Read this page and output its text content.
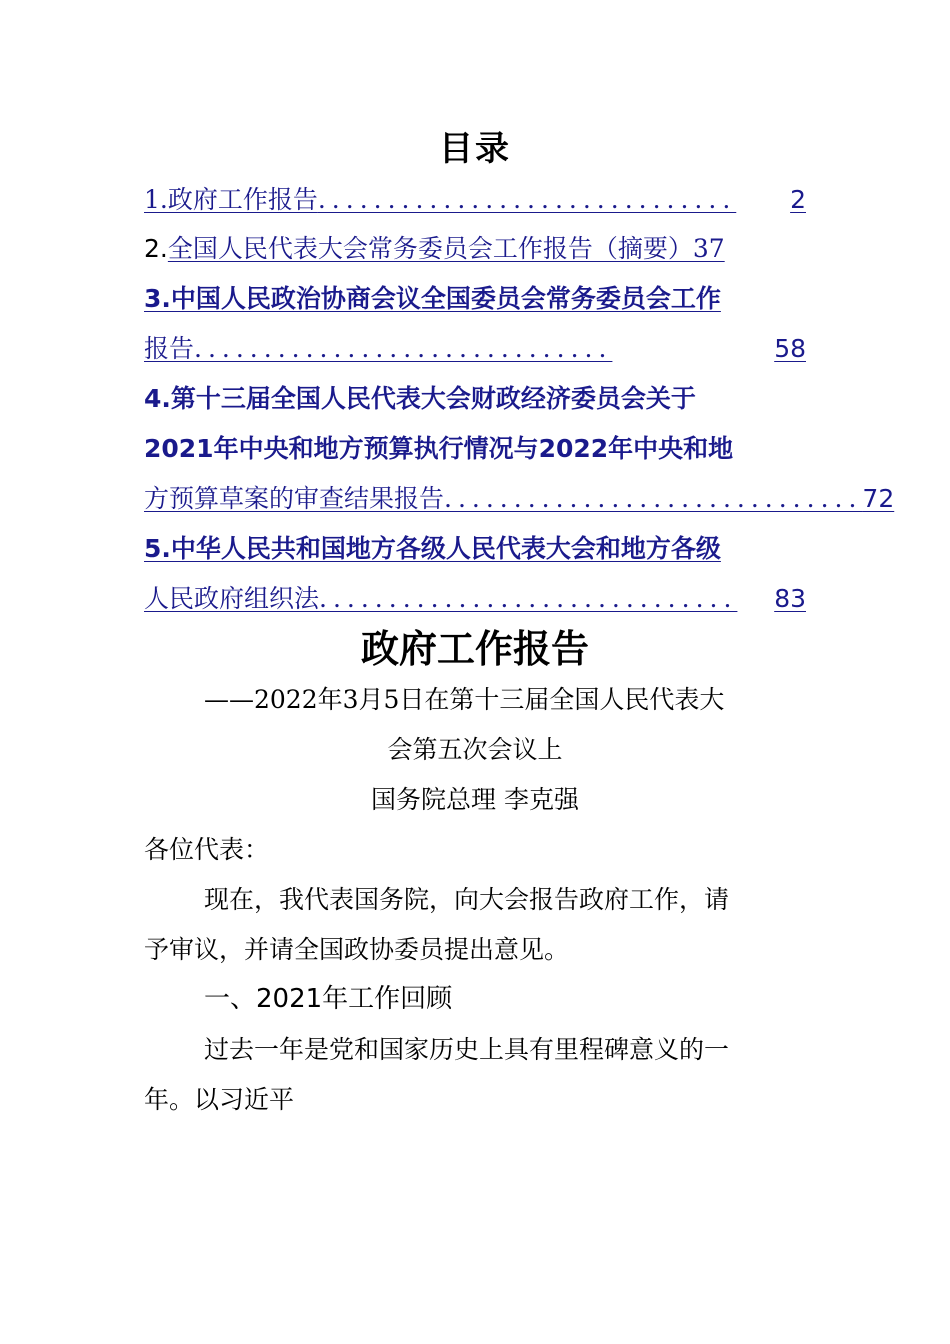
目录
1.政府工作报告 ..............................	2
2.全国人民代表大会常务委员会工作报告（摘要）37
3.中国人民政治协商会议全国委员会常务委员会工作
报告 ..............................	58
4.第十三届全国人民代表大会财政经济委员会关于
2021年中央和地方预算执行情况与2022年中央和地
方预算草案的审查结果报告 .............................. 72
5.中华人民共和国地方各级人民代表大会和地方各级
人民政府组织法 ..............................	83
政府工作报告
——2022年3月5日在第十三届全国人民代表大
会第五次会议上
国务院总理 李克强
各位代表：
现在，我代表国务院，向大会报告政府工作，请
予审议，并请全国政协委员提出意见。
一、2021年工作回顾
过去一年是党和国家历史上具有里程碑意义的一
年。以习近平
